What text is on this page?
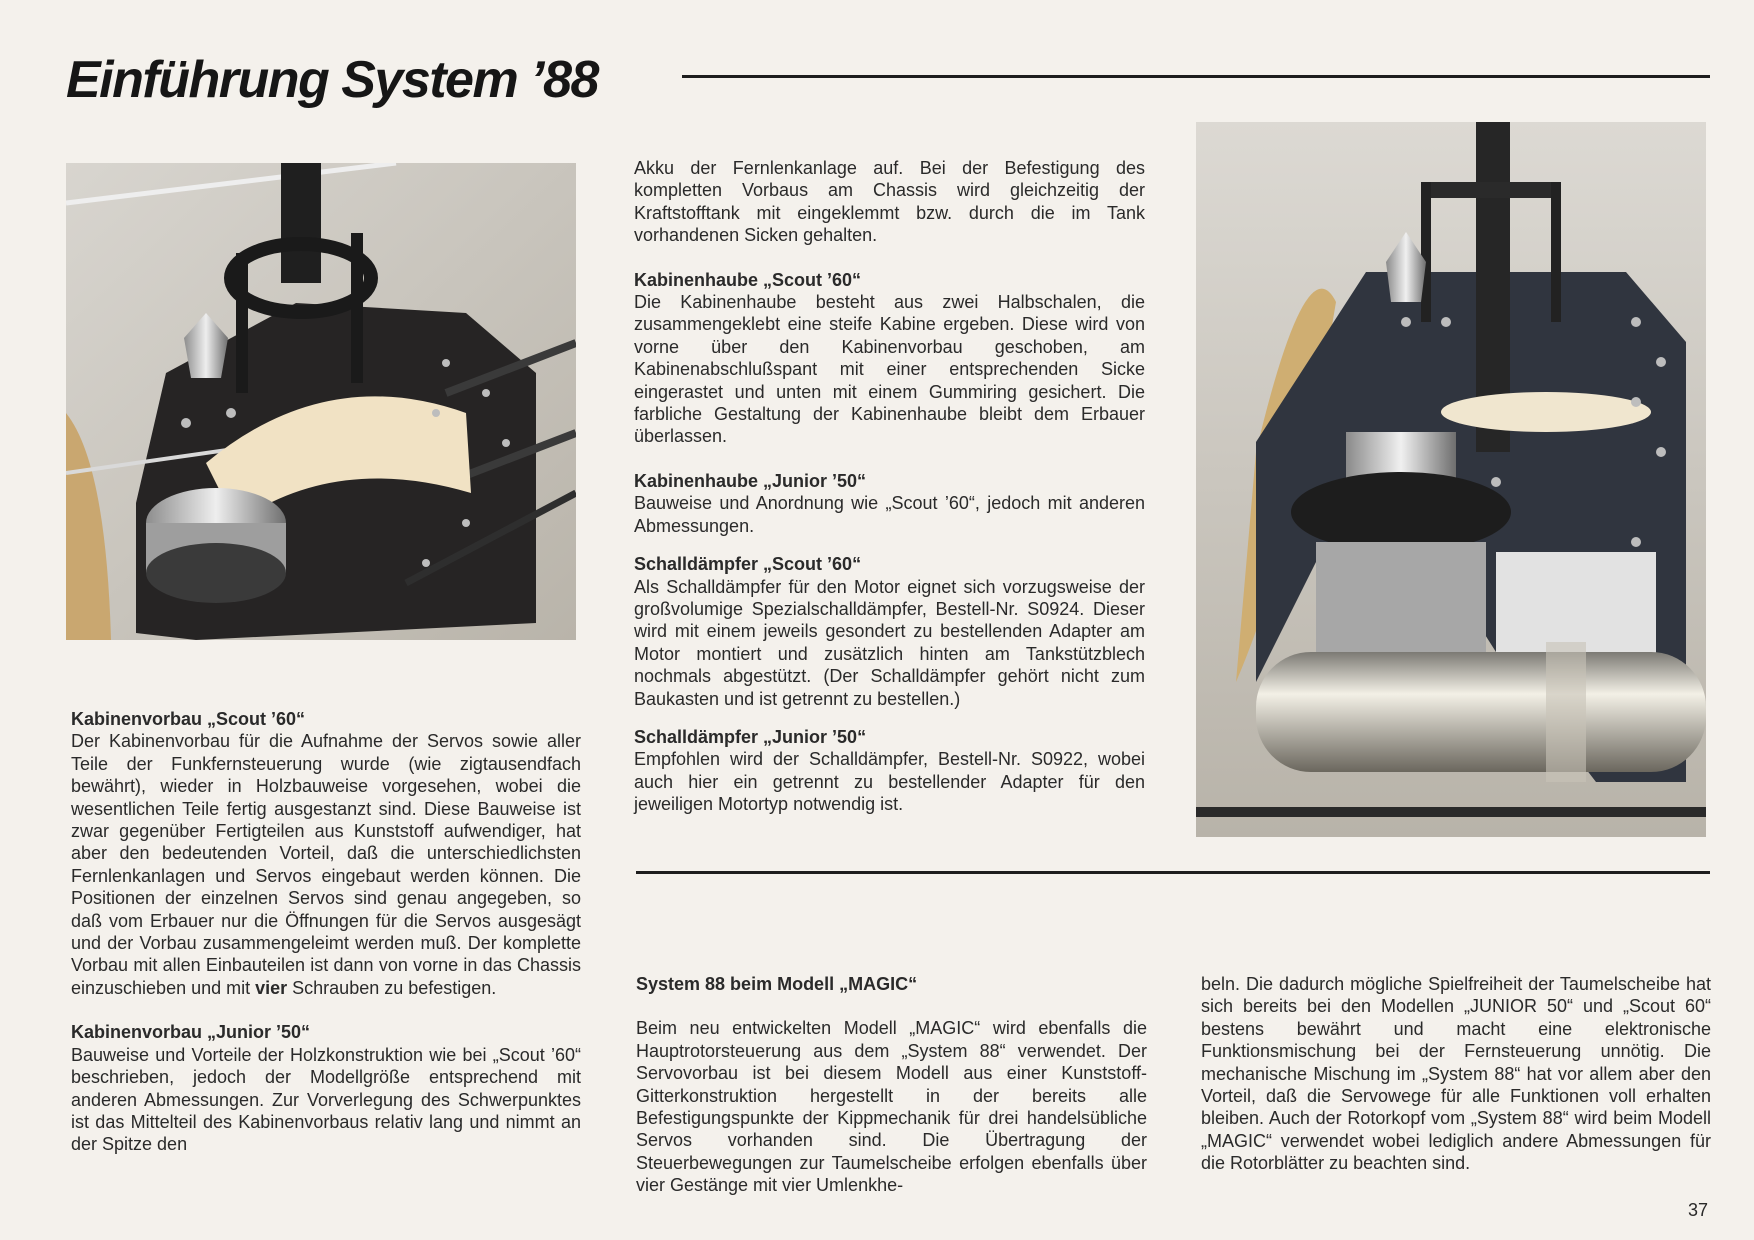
Einführung System ’88
Kabinenvorbau „Scout ’60“

Der Kabinenvorbau für die Aufnahme der Servos sowie aller Teile der Funkfernsteuerung wurde (wie zigtausendfach bewährt), wieder in Holzbauweise vorgesehen, wobei die wesentlichen Teile fertig ausgestanzt sind. Diese Bauweise ist zwar gegenüber Fertigteilen aus Kunststoff aufwendiger, hat aber den bedeutenden Vorteil, daß die unterschiedlichsten Fernlenkanlagen und Servos eingebaut werden können. Die Positionen der einzelnen Servos sind genau angegeben, so daß vom Erbauer nur die Öffnungen für die Servos ausgesägt und der Vorbau zusammengeleimt werden muß. Der komplette Vorbau mit allen Einbauteilen ist dann von vorne in das Chassis einzuschieben und mit vier Schrauben zu befestigen.

Kabinenvorbau „Junior ’50“

Bauweise und Vorteile der Holzkonstruktion wie bei „Scout ’60“ beschrieben, jedoch der Modellgröße entsprechend mit anderen Abmessungen. Zur Vorverlegung des Schwerpunktes ist das Mittelteil des Kabinenvorbaus relativ lang und nimmt an der Spitze den

Akku der Fernlenkanlage auf. Bei der Befestigung des kompletten Vorbaus am Chassis wird gleichzeitig der Kraftstofftank mit eingeklemmt bzw. durch die im Tank vorhandenen Sicken gehalten.

Kabinenhaube „Scout ’60“

Die Kabinenhaube besteht aus zwei Halbschalen, die zusammengeklebt eine steife Kabine ergeben. Diese wird von vorne über den Kabinenvorbau geschoben, am Kabinenabschlußspant mit einer entsprechenden Sicke eingerastet und unten mit einem Gummiring gesichert. Die farbliche Gestaltung der Kabinenhaube bleibt dem Erbauer überlassen.

Kabinenhaube „Junior ’50“

Bauweise und Anordnung wie „Scout ’60“, jedoch mit anderen Abmessungen.

Schalldämpfer „Scout ’60“

Als Schalldämpfer für den Motor eignet sich vorzugsweise der großvolumige Spezialschalldämpfer, Bestell-Nr. S0924. Dieser wird mit einem jeweils gesondert zu bestellenden Adapter am Motor montiert und zusätzlich hinten am Tankstützblech nochmals abgestützt. (Der Schalldämpfer gehört nicht zum Baukasten und ist getrennt zu bestellen.)

Schalldämpfer „Junior ’50“

Empfohlen wird der Schalldämpfer, Bestell-Nr. S0922, wobei auch hier ein getrennt zu bestellender Adapter für den jeweiligen Motortyp notwendig ist.

System 88 beim Modell „MAGIC“

Beim neu entwickelten Modell „MAGIC“ wird ebenfalls die Hauptrotorsteuerung aus dem „System 88“ verwendet. Der Servovorbau ist bei diesem Modell aus einer Kunststoff-Gitterkonstruktion hergestellt in der bereits alle Befestigungspunkte der Kippmechanik für drei handelsübliche Servos vorhanden sind. Die Übertragung der Steuerbewegungen zur Taumelscheibe erfolgen ebenfalls über vier Gestänge mit vier Umlenkhe-

beln. Die dadurch mögliche Spielfreiheit der Taumelscheibe hat sich bereits bei den Modellen „JUNIOR 50“ und „Scout 60“ bestens bewährt und macht eine elektronische Funktionsmischung bei der Fernsteuerung unnötig. Die mechanische Mischung im „System 88“ hat vor allem aber den Vorteil, daß die Servowege für alle Funktionen voll erhalten bleiben. Auch der Rotorkopf vom „System 88“ wird beim Modell „MAGIC“ verwendet wobei lediglich andere Abmessungen für die Rotorblätter zu beachten sind.

37
